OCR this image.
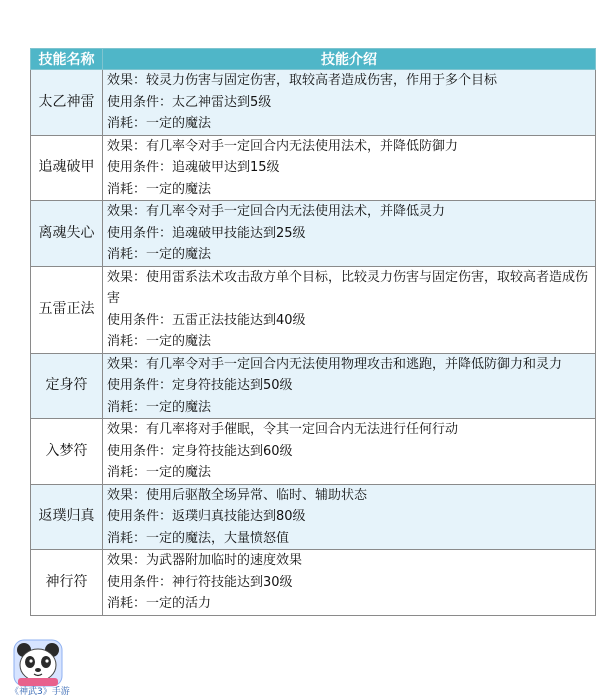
技能名称	技能介绍
太乙神雷	效果：较灵力伤害与固定伤害，取较高者造成伤害，作用于多个目标
使用条件：太乙神雷达到5级
消耗：一定的魔法

追魂破甲	效果：有几率令对手一定回合内无法使用法术，并降低防御力
使用条件：追魂破甲达到15级
消耗：一定的魔法

离魂失心	效果：有几率令对手一定回合内无法使用法术，并降低灵力
使用条件：追魂破甲技能达到25级
消耗：一定的魔法

五雷正法	效果：使用雷系法术攻击敌方单个目标，比较灵力伤害与固定伤害，取较高者造成伤害
使用条件：五雷正法技能达到40级
消耗：一定的魔法

定身符	效果：有几率令对手一定回合内无法使用物理攻击和逃跑，并降低防御力和灵力
使用条件：定身符技能达到50级
消耗：一定的魔法

入梦符	效果：有几率将对手催眠，令其一定回合内无法进行任何行动
使用条件：定身符技能达到60级
消耗：一定的魔法

返璞归真	效果：使用后驱散全场异常、临时、辅助状态
使用条件：返璞归真技能达到80级
消耗：一定的魔法，大量愤怒值

神行符	效果：为武器附加临时的速度效果
使用条件：神行符技能达到30级
消耗：一定的活力
《神武3》手游
